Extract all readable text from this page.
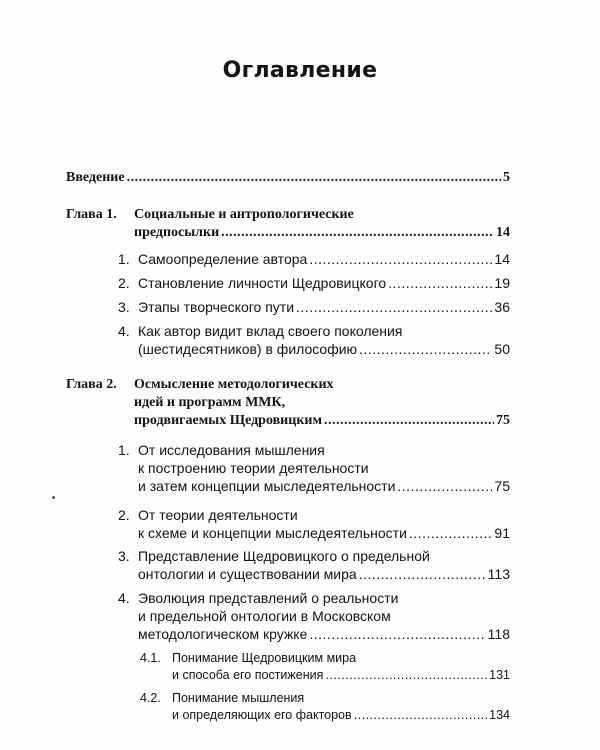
Оглавление
Введение .....	5
Глава 1. Социальные и антропологические
предпосылки .....	14
1. Самоопределение автора .....	14
2. Становление личности Щедровицкого .....	19
3. Этапы творческого пути .....	36
4. Как автор видит вклад своего поколения
(шестидесятников) в философию .....	50
Глава 2. Осмысление методологических
идей и программ ММК,
продвигаемых Щедровицким .....	75
1. От исследования мышления
к построению теории деятельности
и затем концепции мыследеятельности .....	75
2. От теории деятельности
к схеме и концепции мыследеятельности .....	91
3. Представление Щедровицкого о предельной
онтологии и существовании мира .....	113
4. Эволюция представлений о реальности
и предельной онтологии в Московском
методологическом кружке .....	118
4.1. Понимание Щедровицким мира
и способа его постижения .....	131
4.2. Понимание мышления
и определяющих его факторов .....	134
